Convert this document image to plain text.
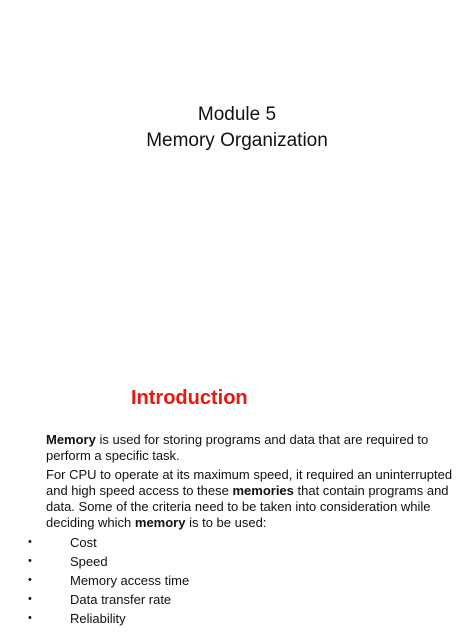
Module 5
Memory Organization
Introduction
Memory is used for storing programs and data that are required to perform a specific task.
For CPU to operate at its maximum speed, it required an uninterrupted and high speed access to these memories that contain programs and data. Some of the criteria need to be taken into consideration while deciding which memory is to be used:
•	Cost
•	Speed
•	Memory access time
•	Data transfer rate
•	Reliability
